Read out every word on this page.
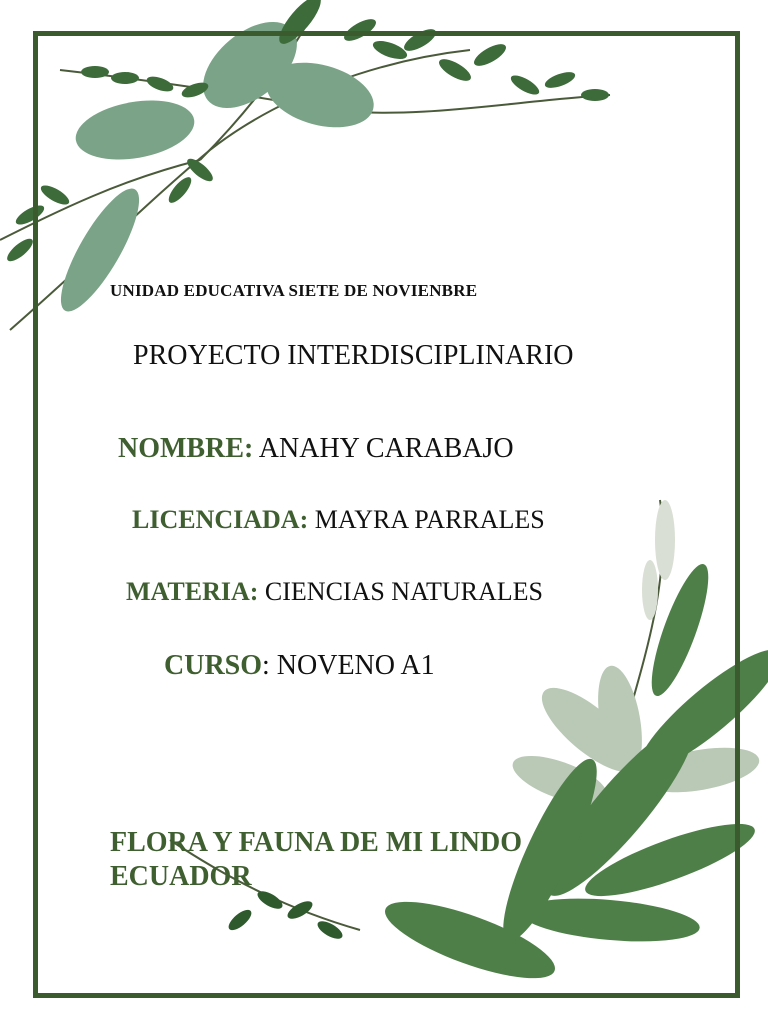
UNIDAD EDUCATIVA SIETE DE NOVIENBRE
PROYECTO INTERDISCIPLINARIO
NOMBRE: ANAHY CARABAJO
LICENCIADA: MAYRA PARRALES
MATERIA: CIENCIAS NATURALES
CURSO: NOVENO A1
FLORA Y FAUNA DE MI LINDO
ECUADOR
